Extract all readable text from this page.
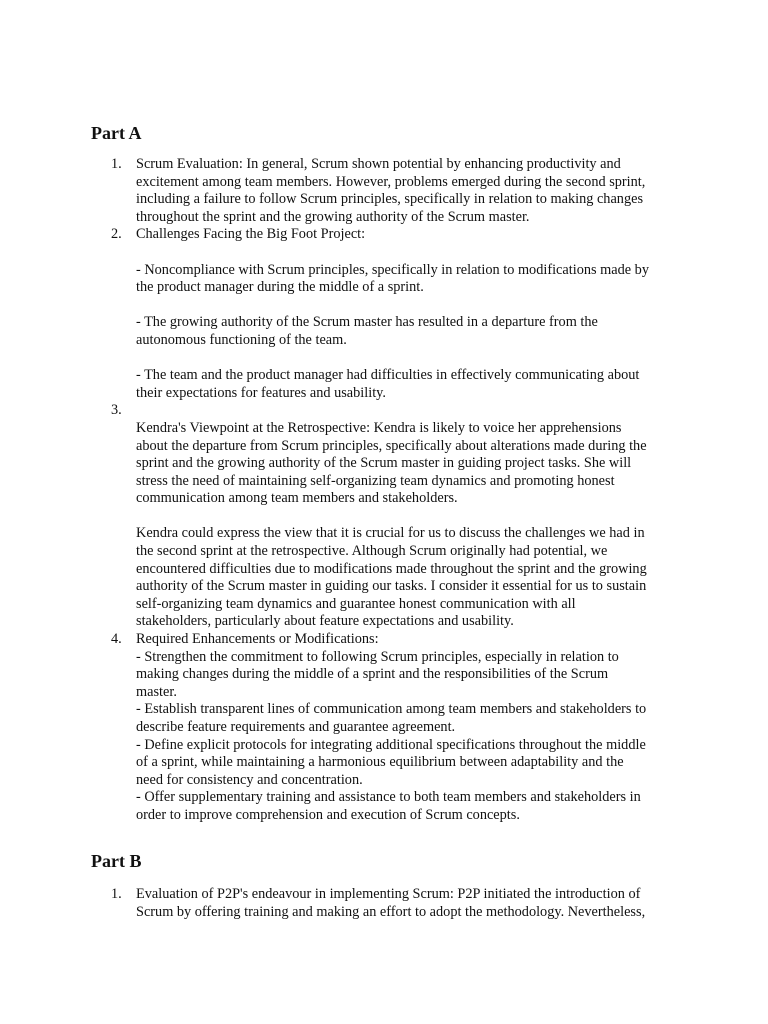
Part A
1. Scrum Evaluation: In general, Scrum shown potential by enhancing productivity and
excitement among team members. However, problems emerged during the second sprint,
including a failure to follow Scrum principles, specifically in relation to making changes
throughout the sprint and the growing authority of the Scrum master.
2. Challenges Facing the Big Foot Project:
- Noncompliance with Scrum principles, specifically in relation to modifications made by
the product manager during the middle of a sprint.
- The growing authority of the Scrum master has resulted in a departure from the
autonomous functioning of the team.
- The team and the product manager had difficulties in effectively communicating about
their expectations for features and usability.
3.
Kendra's Viewpoint at the Retrospective: Kendra is likely to voice her apprehensions
about the departure from Scrum principles, specifically about alterations made during the
sprint and the growing authority of the Scrum master in guiding project tasks. She will
stress the need of maintaining self-organizing team dynamics and promoting honest
communication among team members and stakeholders.
Kendra could express the view that it is crucial for us to discuss the challenges we had in
the second sprint at the retrospective. Although Scrum originally had potential, we
encountered difficulties due to modifications made throughout the sprint and the growing
authority of the Scrum master in guiding our tasks. I consider it essential for us to sustain
self-organizing team dynamics and guarantee honest communication with all
stakeholders, particularly about feature expectations and usability.
4. Required Enhancements or Modifications:
- Strengthen the commitment to following Scrum principles, especially in relation to
making changes during the middle of a sprint and the responsibilities of the Scrum
master.
- Establish transparent lines of communication among team members and stakeholders to
describe feature requirements and guarantee agreement.
- Define explicit protocols for integrating additional specifications throughout the middle
of a sprint, while maintaining a harmonious equilibrium between adaptability and the
need for consistency and concentration.
- Offer supplementary training and assistance to both team members and stakeholders in
order to improve comprehension and execution of Scrum concepts.
Part B
1. Evaluation of P2P's endeavour in implementing Scrum: P2P initiated the introduction of
Scrum by offering training and making an effort to adopt the methodology. Nevertheless,
